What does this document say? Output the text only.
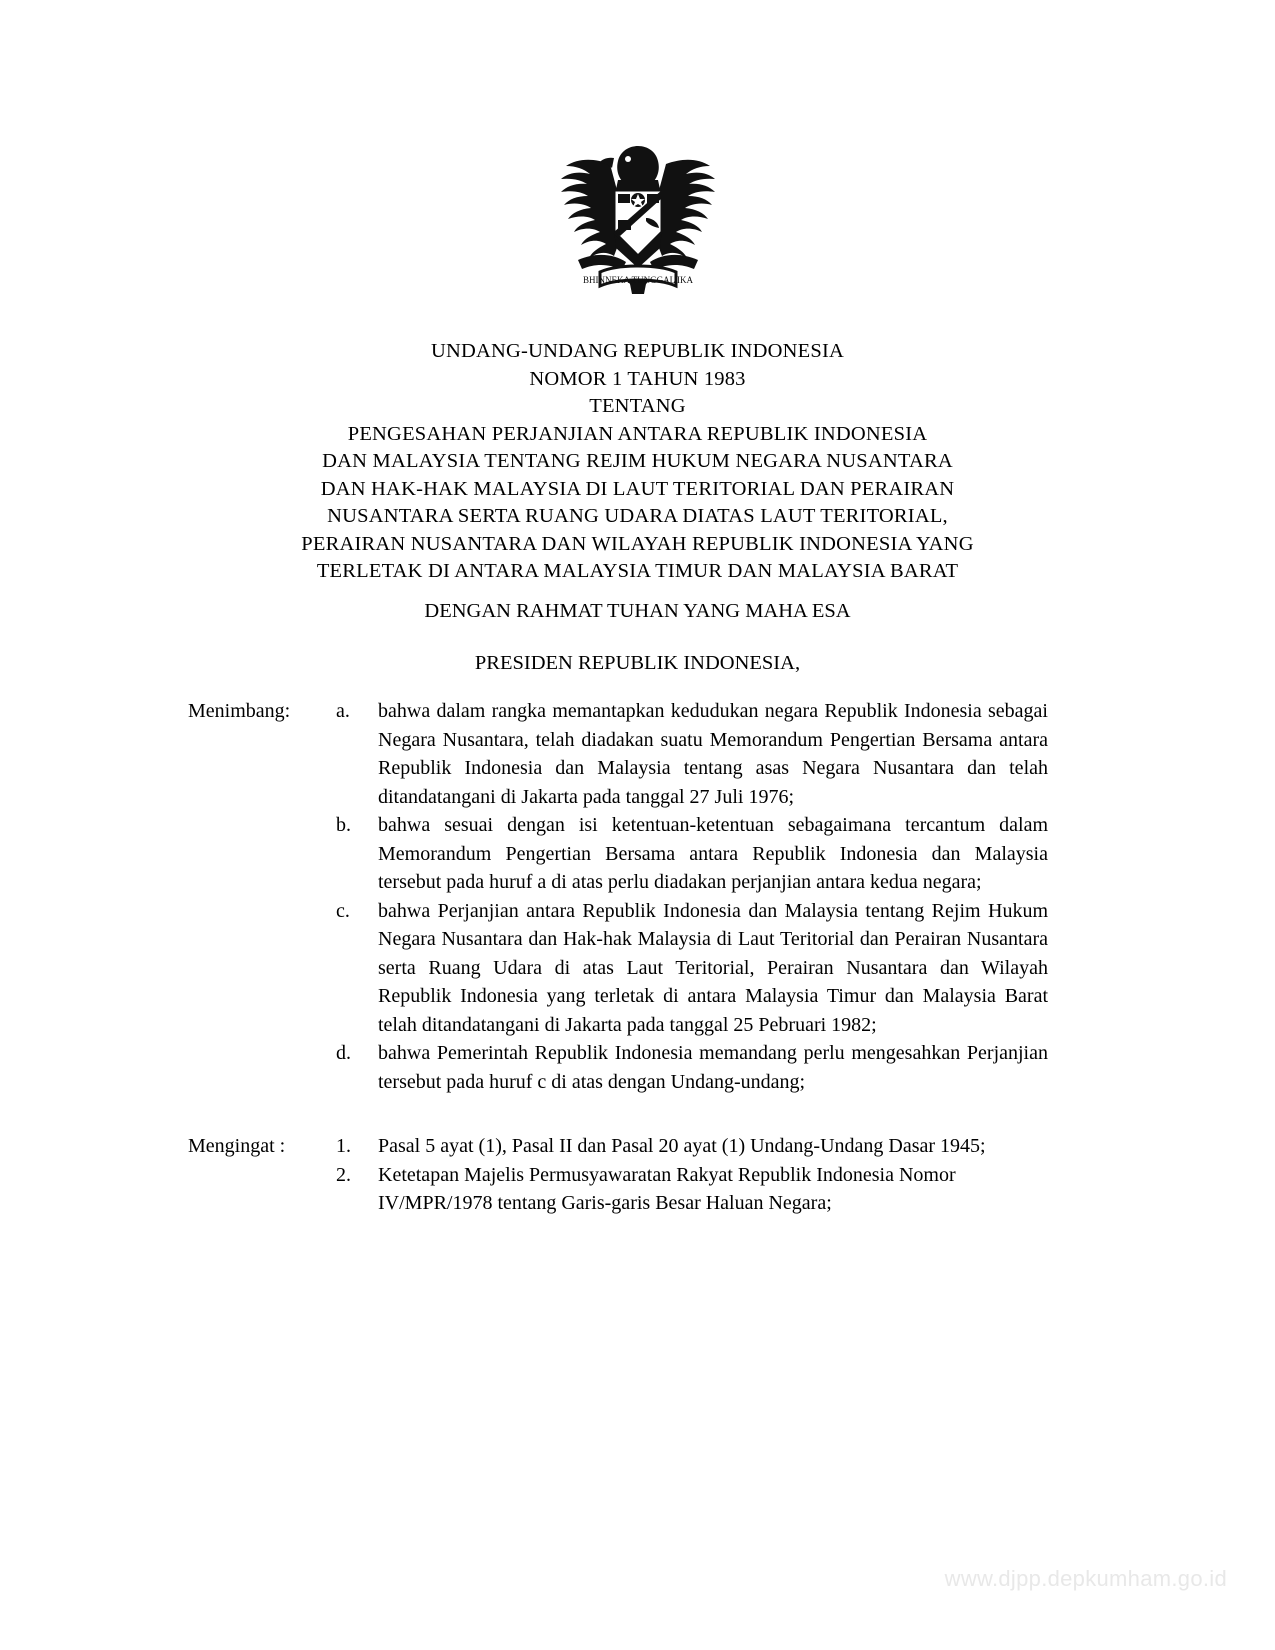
BHINNEKA TUNGGAL IKA
UNDANG-UNDANG REPUBLIK INDONESIA
NOMOR 1 TAHUN 1983
TENTANG
PENGESAHAN PERJANJIAN ANTARA REPUBLIK INDONESIA
DAN MALAYSIA TENTANG REJIM HUKUM NEGARA NUSANTARA
DAN HAK-HAK MALAYSIA DI LAUT TERITORIAL DAN PERAIRAN
NUSANTARA SERTA RUANG UDARA DIATAS LAUT TERITORIAL,
PERAIRAN NUSANTARA DAN WILAYAH REPUBLIK INDONESIA YANG
TERLETAK DI ANTARA MALAYSIA TIMUR DAN MALAYSIA BARAT
DENGAN RAHMAT TUHAN YANG MAHA ESA
PRESIDEN REPUBLIK INDONESIA,
Menimbang:	a.	bahwa dalam rangka memantapkan kedudukan negara Republik Indonesia sebagai Negara Nusantara, telah diadakan suatu Memorandum Pengertian Bersama antara Republik Indonesia dan Malaysia tentang asas Negara Nusantara dan telah ditandatangani di Jakarta pada tanggal 27 Juli 1976;
b.	bahwa sesuai dengan isi ketentuan-ketentuan sebagaimana tercantum dalam Memorandum Pengertian Bersama antara Republik Indonesia dan Malaysia tersebut pada huruf a di atas perlu diadakan perjanjian antara kedua negara;
c.	bahwa Perjanjian antara Republik Indonesia dan Malaysia tentang Rejim Hukum Negara Nusantara dan Hak-hak Malaysia di Laut Teritorial dan Perairan Nusantara serta Ruang Udara di atas Laut Teritorial, Perairan Nusantara dan Wilayah Republik Indonesia yang terletak di antara Malaysia Timur dan Malaysia Barat telah ditandatangani di Jakarta pada tanggal 25 Pebruari 1982;
d.	bahwa Pemerintah Republik Indonesia memandang perlu mengesahkan Perjanjian tersebut pada huruf c di atas dengan Undang-undang;
Mengingat :	1.	Pasal 5 ayat (1), Pasal II dan Pasal 20 ayat (1) Undang-Undang Dasar 1945;
2.	Ketetapan Majelis Permusyawaratan Rakyat Republik Indonesia Nomor IV/MPR/1978 tentang Garis-garis Besar Haluan Negara;
www.djpp.depkumham.go.id
